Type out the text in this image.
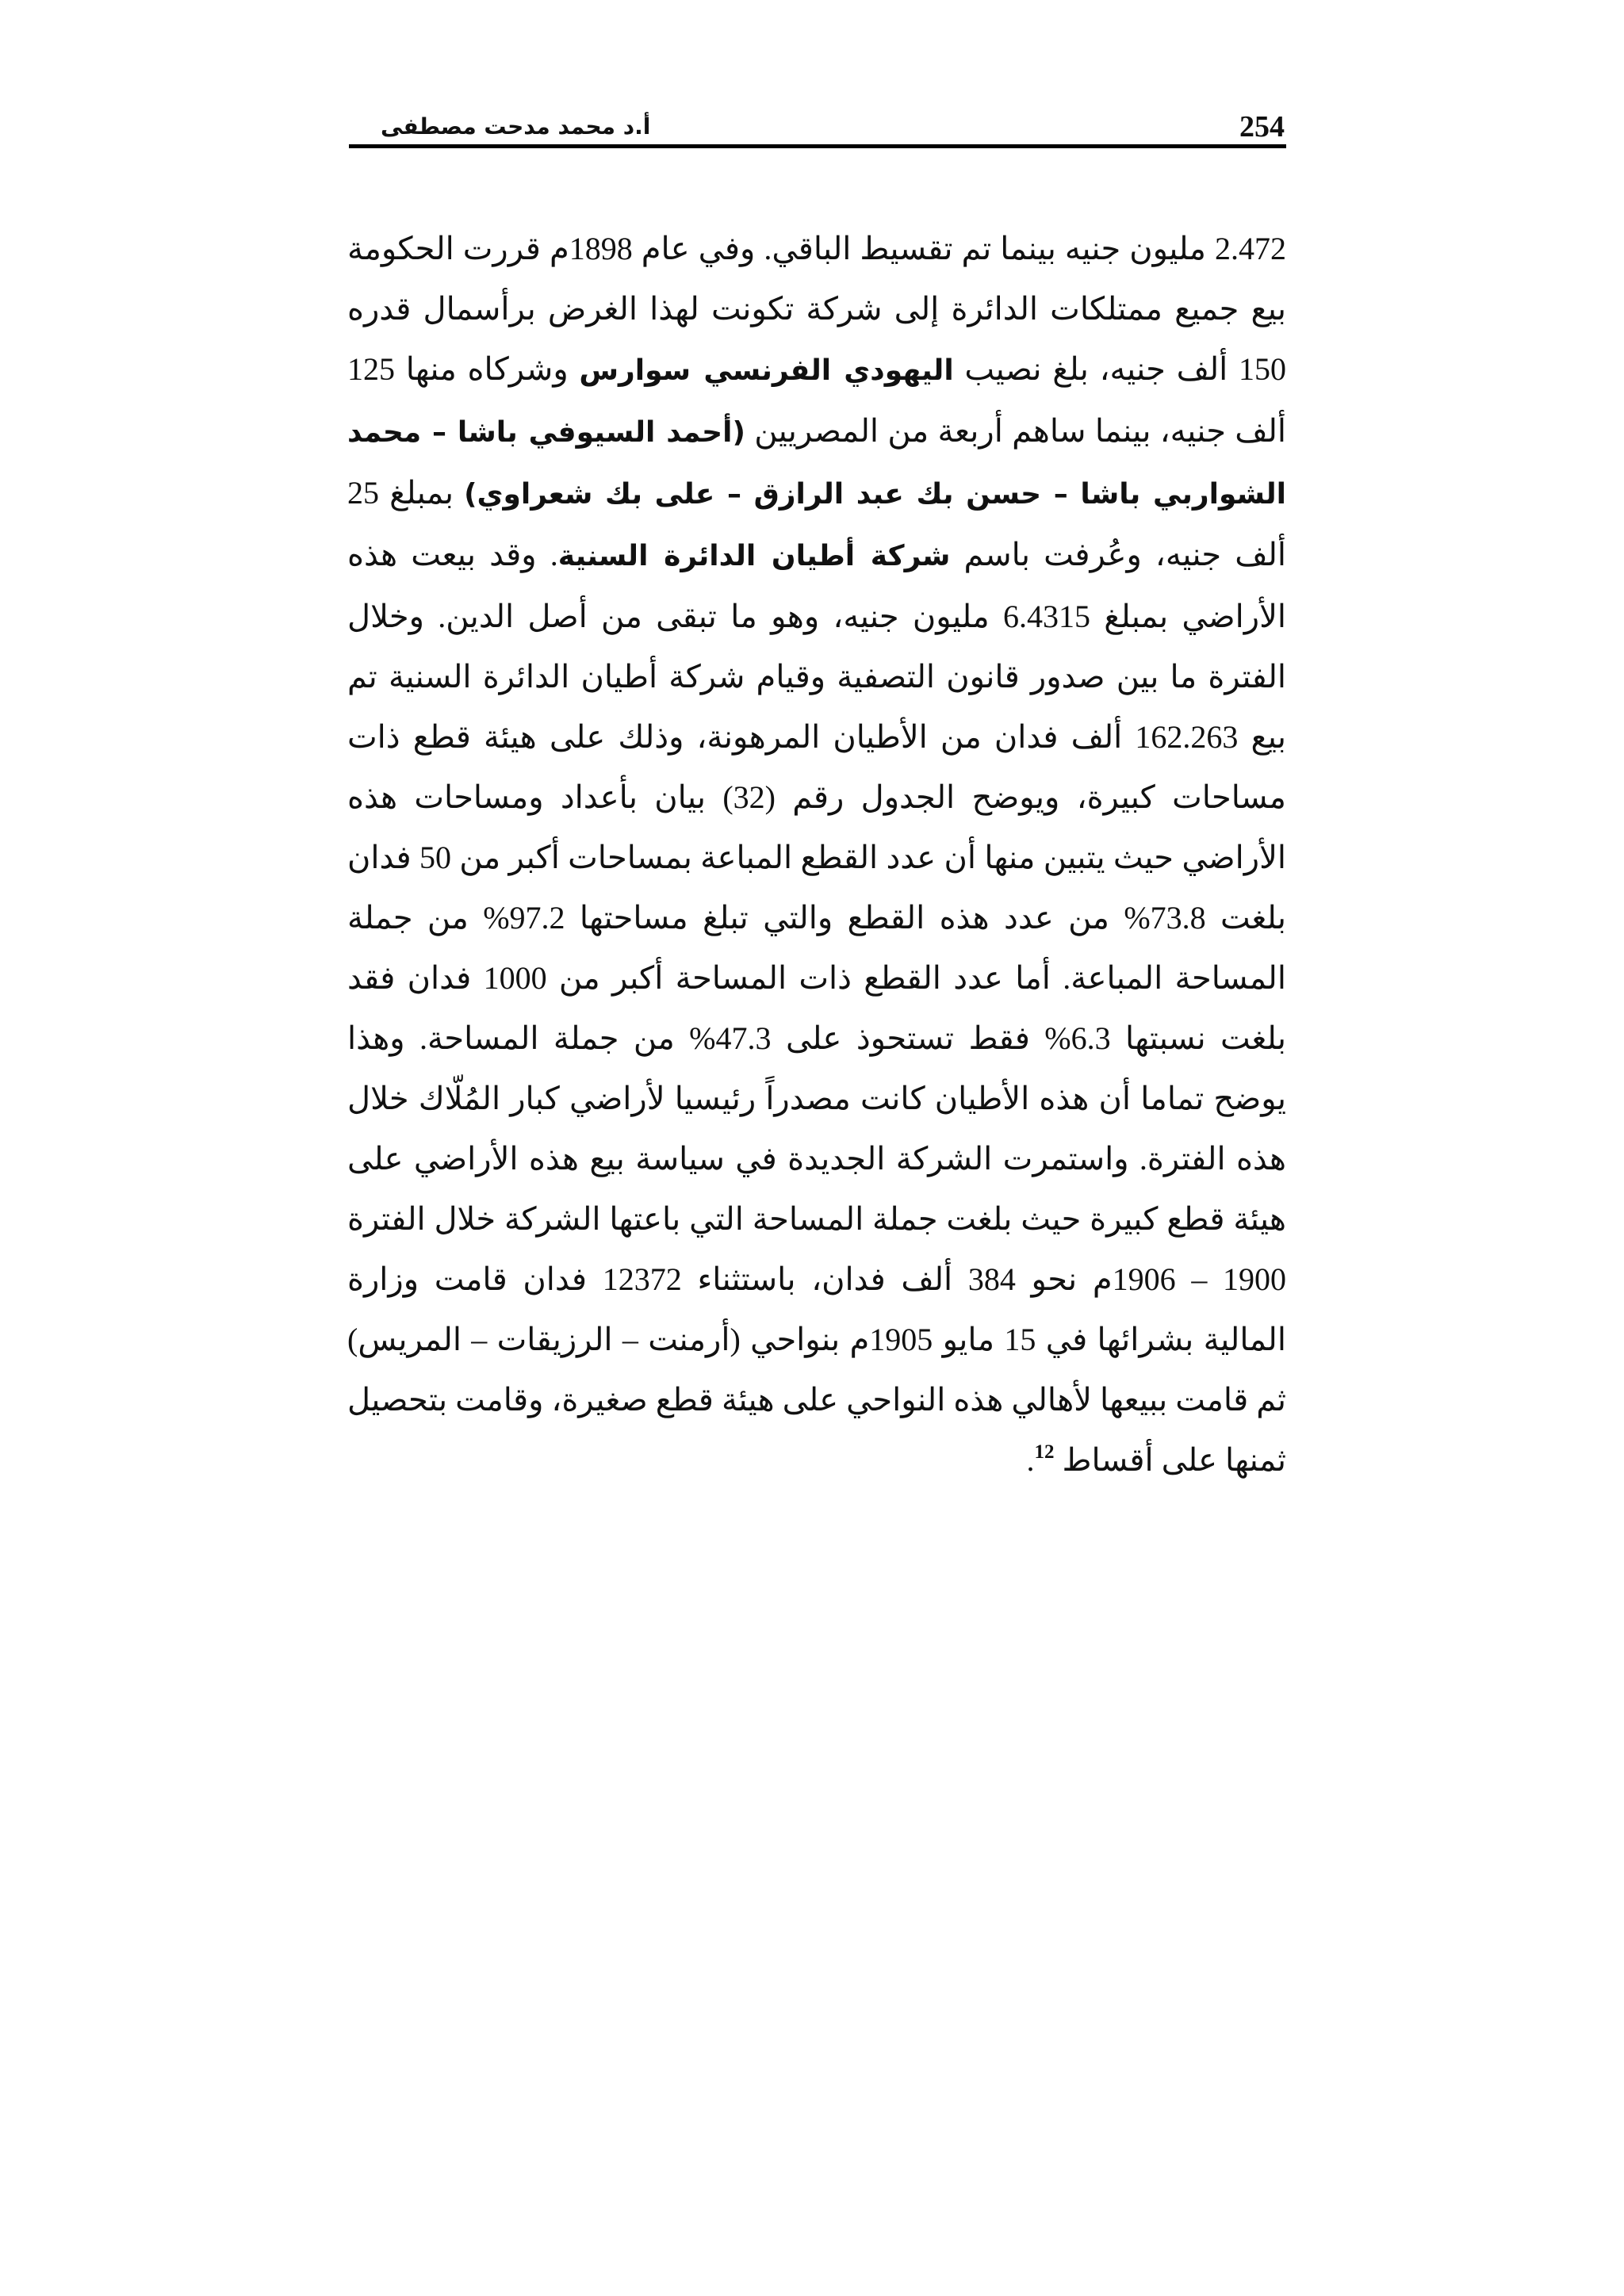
254
أ.د محمد مدحت مصطفى

2.472 مليون جنيه بينما تم تقسيط الباقي. وفي عام 1898م قررت الحكومة بيع جميع ممتلكات الدائرة إلى شركة تكونت لهذا الغرض برأسمال قدره 150 ألف جنيه، بلغ نصيب اليهودي الفرنسي سوارس وشركاه منها 125 ألف جنيه، بينما ساهم أربعة من المصريين (أحمد السيوفي باشا – محمد الشواربي باشا – حسن بك عبد الرازق – على بك شعراوي) بمبلغ 25 ألف جنيه، وعُرفت باسم شركة أطيان الدائرة السنية. وقد بيعت هذه الأراضي بمبلغ 6.4315 مليون جنيه، وهو ما تبقى من أصل الدين. وخلال الفترة ما بين صدور قانون التصفية وقيام شركة أطيان الدائرة السنية تم بيع 162.263 ألف فدان من الأطيان المرهونة، وذلك على هيئة قطع ذات مساحات كبيرة، ويوضح الجدول رقم (32) بيان بأعداد ومساحات هذه الأراضي حيث يتبين منها أن عدد القطع المباعة بمساحات أكبر من 50 فدان بلغت 73.8% من عدد هذه القطع والتي تبلغ مساحتها 97.2% من جملة المساحة المباعة. أما عدد القطع ذات المساحة أكبر من 1000 فدان فقد بلغت نسبتها 6.3% فقط تستحوذ على 47.3% من جملة المساحة. وهذا يوضح تماما أن هذه الأطيان كانت مصدراً رئيسيا لأراضي كبار المُلّاك خلال هذه الفترة. واستمرت الشركة الجديدة في سياسة بيع هذه الأراضي على هيئة قطع كبيرة حيث بلغت جملة المساحة التي باعتها الشركة خلال الفترة 1900 – 1906م نحو 384 ألف فدان، باستثناء 12372 فدان قامت وزارة المالية بشرائها في 15 مايو 1905م بنواحي (أرمنت – الرزيقات – المريس) ثم قامت ببيعها لأهالي هذه النواحي على هيئة قطع صغيرة، وقامت بتحصيل ثمنها على أقساط $^{12}$.
